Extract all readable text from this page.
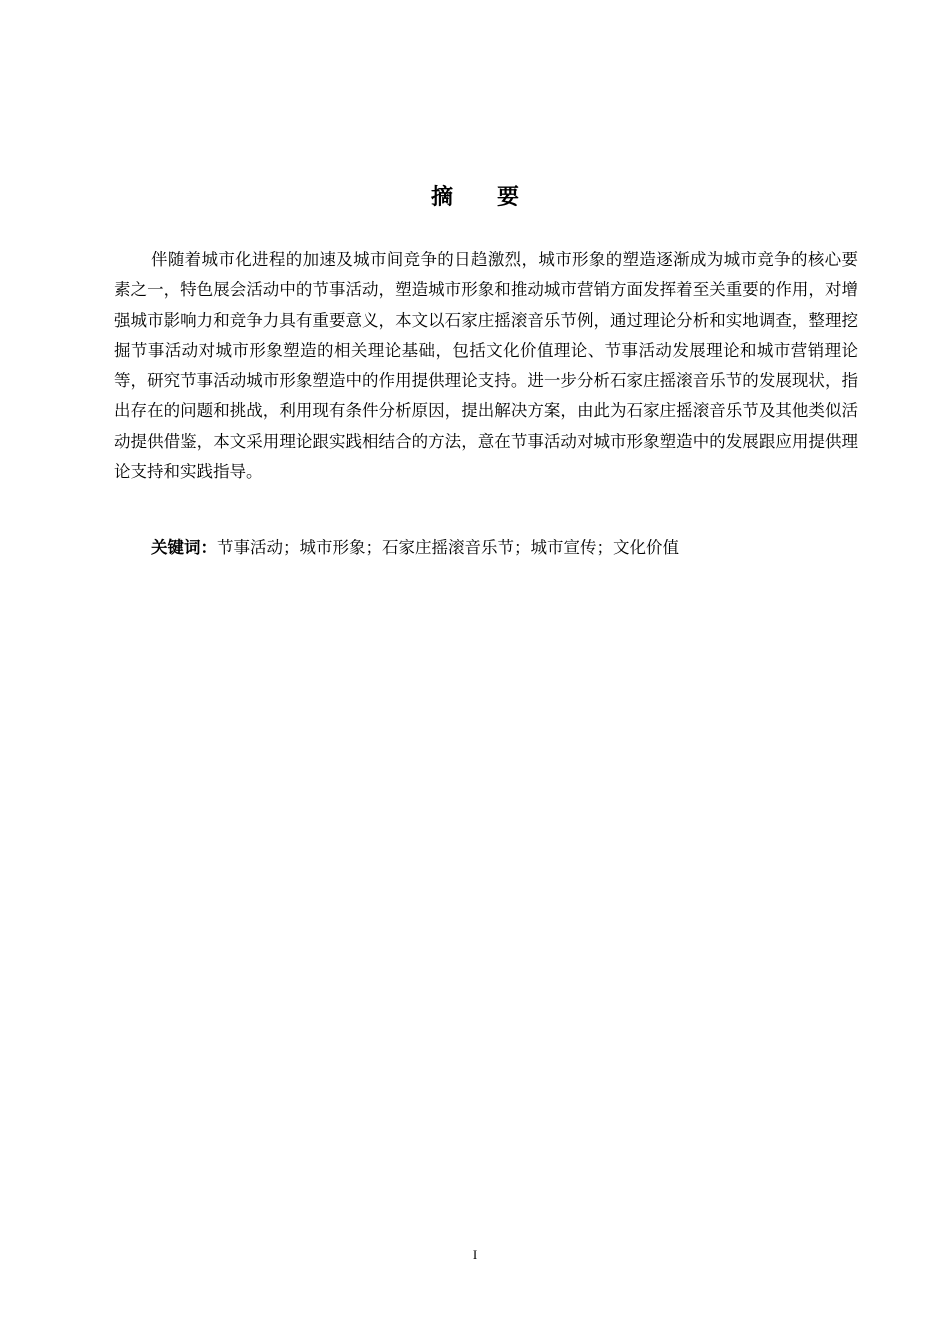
摘 要

伴随着城市化进程的加速及城市间竞争的日趋激烈，城市形象的塑造逐渐成为城市竞争的核心要素之一，特色展会活动中的节事活动，塑造城市形象和推动城市营销方面发挥着至关重要的作用，对增强城市影响力和竞争力具有重要意义，本文以石家庄摇滚音乐节例，通过理论分析和实地调查，整理挖掘节事活动对城市形象塑造的相关理论基础，包括文化价值理论、节事活动发展理论和城市营销理论等，研究节事活动城市形象塑造中的作用提供理论支持。进一步分析石家庄摇滚音乐节的发展现状，指出存在的问题和挑战，利用现有条件分析原因，提出解决方案，由此为石家庄摇滚音乐节及其他类似活动提供借鉴，本文采用理论跟实践相结合的方法，意在节事活动对城市形象塑造中的发展跟应用提供理论支持和实践指导。

关键词：节事活动；城市形象；石家庄摇滚音乐节；城市宣传；文化价值

I
